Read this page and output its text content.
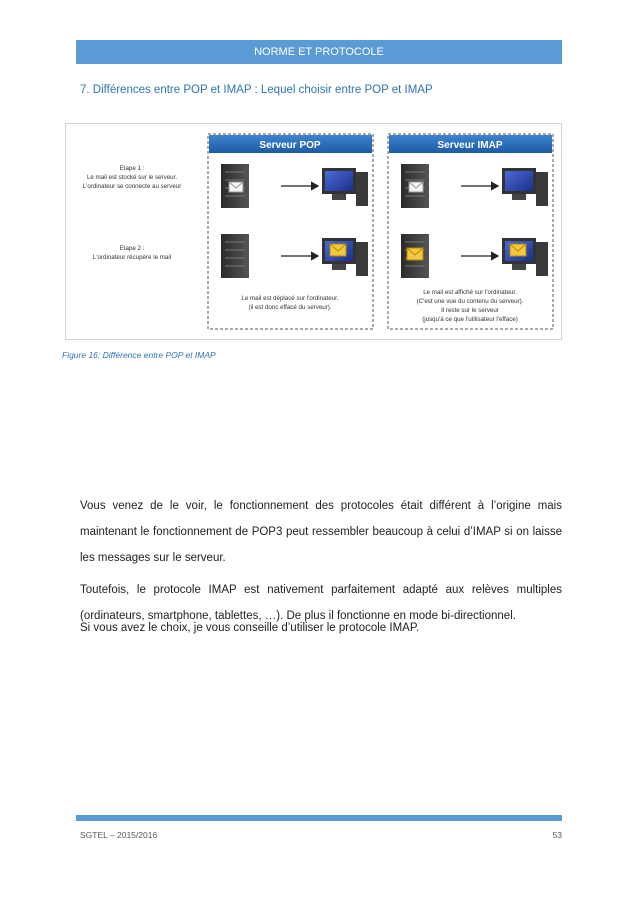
NORME ET PROTOCOLE
7. Différences entre POP et IMAP : Lequel choisir entre POP et IMAP
Etape 1 :
Le mail est stocké sur le serveur.
L'ordinateur se connecte au serveur
Etape 2 :
L'ordinateur récupère le mail
Serveur POP
Le mail est déplacé sur l'ordinateur.
(il est donc effacé du serveur).
Serveur IMAP
Le mail est affiché sur l'ordinateur.
(C'est une vue du contenu du serveur).
Il reste sur le serveur
(jusqu'à ce que l'utilisateur l'efface)
Figure 16: Différence entre POP et IMAP
Vous venez de le voir, le fonctionnement des protocoles était différent à l’origine mais maintenant le fonctionnement de POP3 peut ressembler beaucoup à celui d’IMAP si on laisse les messages sur le serveur.
Toutefois, le protocole IMAP est nativement parfaitement adapté aux relèves multiples (ordinateurs, smartphone, tablettes, …). De plus il fonctionne en mode bi-directionnel.
Si vous avez le choix, je vous conseille d’utiliser le protocole IMAP.
SGTEL – 2015/2016	53
